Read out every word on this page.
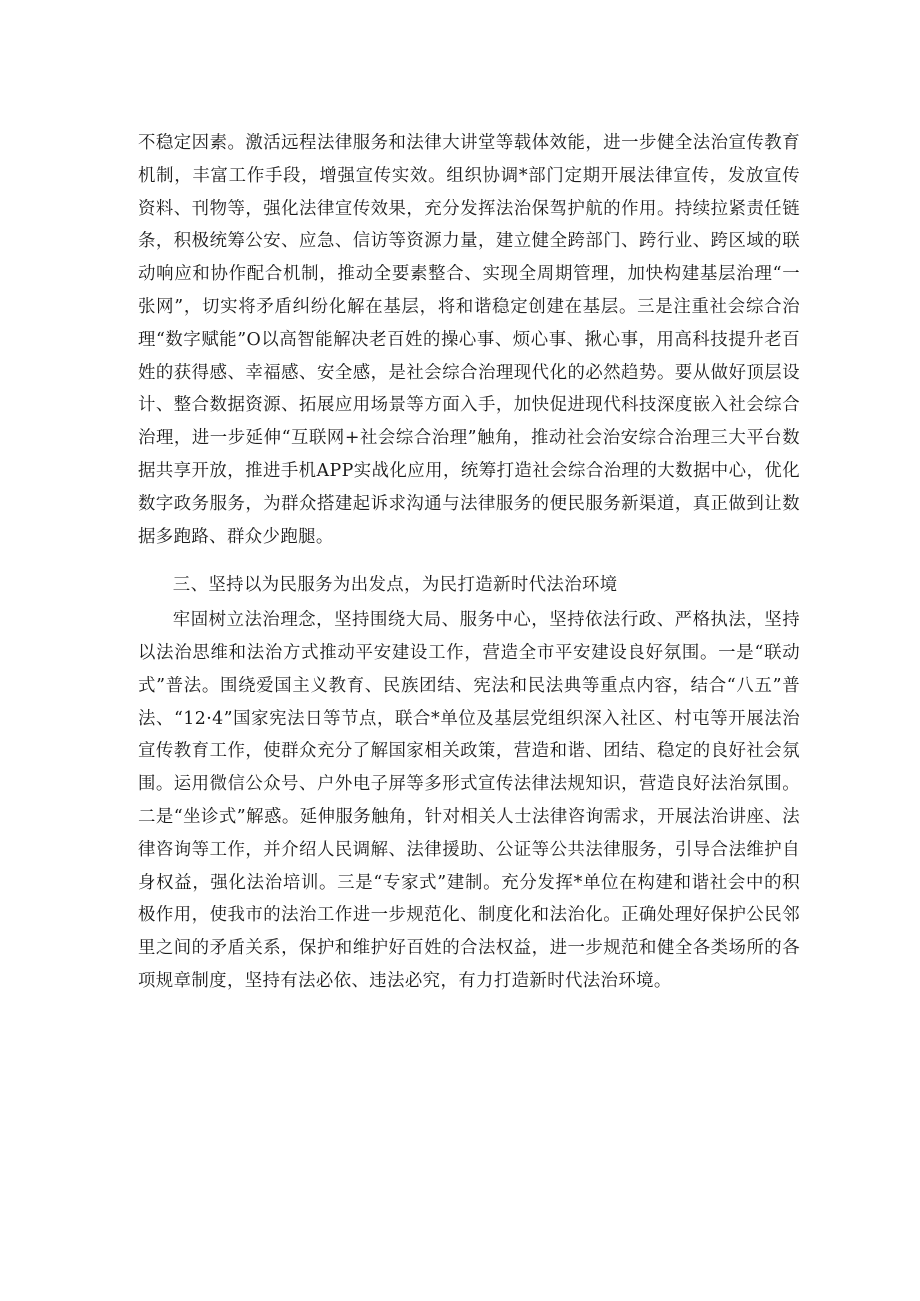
不稳定因素。激活远程法律服务和法律大讲堂等载体效能，进一步健全法治宣传教育机制，丰富工作手段，增强宣传实效。组织协调*部门定期开展法律宣传，发放宣传资料、刊物等，强化法律宣传效果，充分发挥法治保驾护航的作用。持续拉紧责任链条，积极统筹公安、应急、信访等资源力量，建立健全跨部门、跨行业、跨区域的联动响应和协作配合机制，推动全要素整合、实现全周期管理，加快构建基层治理“一张网”，切实将矛盾纠纷化解在基层，将和谐稳定创建在基层。三是注重社会综合治理“数字赋能”O以高智能解决老百姓的操心事、烦心事、揪心事，用高科技提升老百姓的获得感、幸福感、安全感，是社会综合治理现代化的必然趋势。要从做好顶层设计、整合数据资源、拓展应用场景等方面入手，加快促进现代科技深度嵌入社会综合治理，进一步延伸“互联网+社会综合治理”触角，推动社会治安综合治理三大平台数据共享开放，推进手机APP实战化应用，统筹打造社会综合治理的大数据中心，优化数字政务服务，为群众搭建起诉求沟通与法律服务的便民服务新渠道，真正做到让数据多跑路、群众少跑腿。

三、坚持以为民服务为出发点，为民打造新时代法治环境

牢固树立法治理念，坚持围绕大局、服务中心，坚持依法行政、严格执法，坚持以法治思维和法治方式推动平安建设工作，营造全市平安建设良好氛围。一是“联动式”普法。围绕爱国主义教育、民族团结、宪法和民法典等重点内容，结合“八五”普法、“12·4”国家宪法日等节点，联合*单位及基层党组织深入社区、村屯等开展法治宣传教育工作，使群众充分了解国家相关政策，营造和谐、团结、稳定的良好社会氛围。运用微信公众号、户外电子屏等多形式宣传法律法规知识，营造良好法治氛围。二是“坐诊式”解惑。延伸服务触角，针对相关人士法律咨询需求，开展法治讲座、法律咨询等工作，并介绍人民调解、法律援助、公证等公共法律服务，引导合法维护自身权益，强化法治培训。三是“专家式”建制。充分发挥*单位在构建和谐社会中的积极作用，使我市的法治工作进一步规范化、制度化和法治化。正确处理好保护公民邻里之间的矛盾关系，保护和维护好百姓的合法权益，进一步规范和健全各类场所的各项规章制度，坚持有法必依、违法必究，有力打造新时代法治环境。
